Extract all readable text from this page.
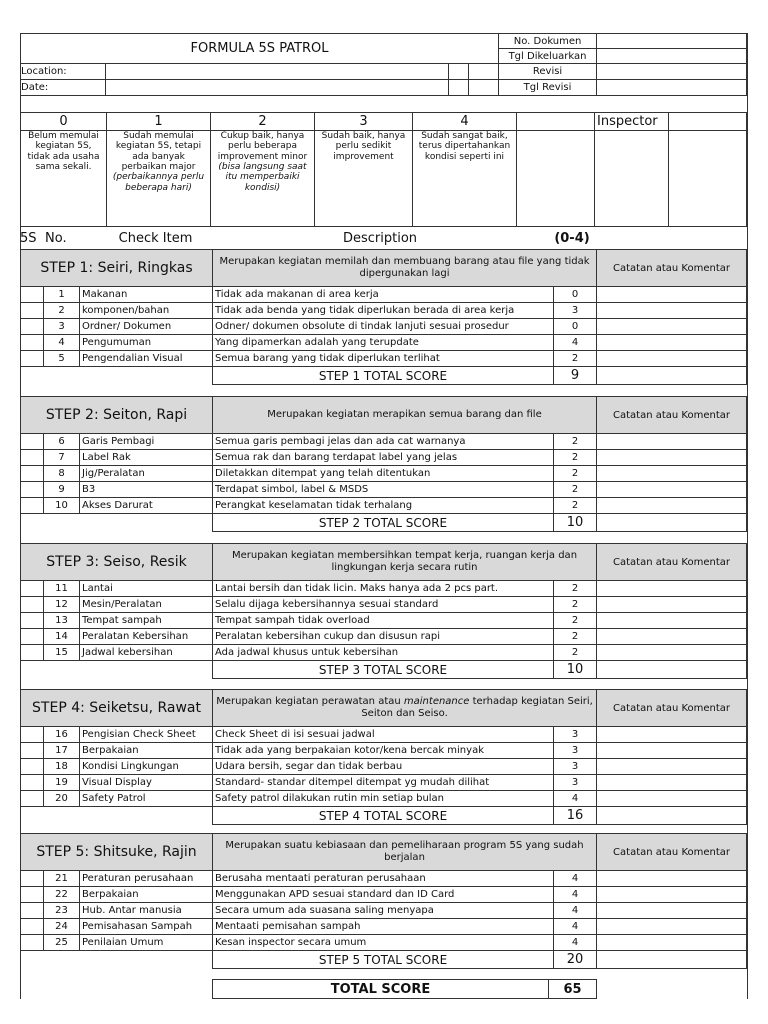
FORMULA 5S PATROL				No. Dokumen	
				Tgl Dikeluarkan	
Location:				Revisi	
Date:				Tgl Revisi	
0	1	2	3	4		Inspector	
Belum memulai kegiatan 5S, tidak ada usaha sama sekali.	Sudah memulai kegiatan 5S, tetapi ada banyak perbaikan major (perbaikannya perlu beberapa hari)	Cukup baik, hanya perlu beberapa improvement minor (bisa langsung saat itu memperbaiki kondisi)	Sudah baik, hanya perlu sedikit improvement	Sudah sangat baik, terus dipertahankan kondisi seperti ini			
5S	No.	Check Item	Description	(0-4)	
STEP 1: Seiri, Ringkas			Merupakan kegiatan memilah dan membuang barang atau file yang tidak dipergunakan lagi		Catatan atau Komentar
	1	Makanan	Tidak ada makanan di area kerja	0	
	2	komponen/bahan	Tidak ada benda yang tidak diperlukan berada di area kerja	3	
	3	Ordner/ Dokumen	Odner/ dokumen obsolute di tindak lanjuti sesuai prosedur	0	
	4	Pengumuman	Yang dipamerkan adalah yang terupdate	4	
	5	Pengendalian Visual	Semua barang yang tidak diperlukan terlihat	2	
			STEP 1 TOTAL SCORE	9	
STEP 2: Seiton, Rapi			Merupakan kegiatan merapikan semua barang dan file		Catatan atau Komentar
	6	Garis Pembagi	Semua garis pembagi jelas dan ada cat warnanya	2	
	7	Label Rak	Semua rak dan barang terdapat label yang jelas	2	
	8	Jig/Peralatan	Diletakkan ditempat yang telah ditentukan	2	
	9	B3	Terdapat simbol, label & MSDS	2	
	10	Akses Darurat	Perangkat keselamatan tidak terhalang	2	
			STEP 2 TOTAL SCORE	10	
STEP 3: Seiso, Resik			Merupakan kegiatan membersihkan tempat kerja, ruangan kerja dan lingkungan kerja secara rutin		Catatan atau Komentar
	11	Lantai	Lantai bersih dan tidak licin. Maks hanya ada 2 pcs part.	2	
	12	Mesin/Peralatan	Selalu dijaga kebersihannya sesuai standard	2	
	13	Tempat sampah	Tempat sampah tidak overload	2	
	14	Peralatan Kebersihan	Peralatan kebersihan cukup dan disusun rapi	2	
	15	Jadwal kebersihan	Ada jadwal khusus untuk kebersihan	2	
			STEP 3 TOTAL SCORE	10	
STEP 4: Seiketsu, Rawat			Merupakan kegiatan perawatan atau maintenance terhadap kegiatan Seiri, Seiton dan Seiso.		Catatan atau Komentar
	16	Pengisian Check Sheet	Check Sheet di isi sesuai jadwal	3	
	17	Berpakaian	Tidak ada yang berpakaian kotor/kena bercak minyak	3	
	18	Kondisi Lingkungan	Udara bersih, segar dan tidak berbau	3	
	19	Visual Display	Standard- standar ditempel ditempat yg mudah dilihat	3	
	20	Safety Patrol	Safety patrol dilakukan rutin min setiap bulan	4	
			STEP 4 TOTAL SCORE	16	
STEP 5: Shitsuke, Rajin			Merupakan suatu kebiasaan dan pemeliharaan program 5S yang sudah berjalan		Catatan atau Komentar
	21	Peraturan perusahaan	Berusaha mentaati peraturan perusahaan	4	
	22	Berpakaian	Menggunakan APD sesuai standard dan ID Card	4	
	23	Hub. Antar manusia	Secara umum ada suasana saling menyapa	4	
	24	Pemisahasan Sampah	Mentaati pemisahan sampah	4	
	25	Penilaian Umum	Kesan inspector secara umum	4	
			STEP 5 TOTAL SCORE	20	
TOTAL SCORE	65
